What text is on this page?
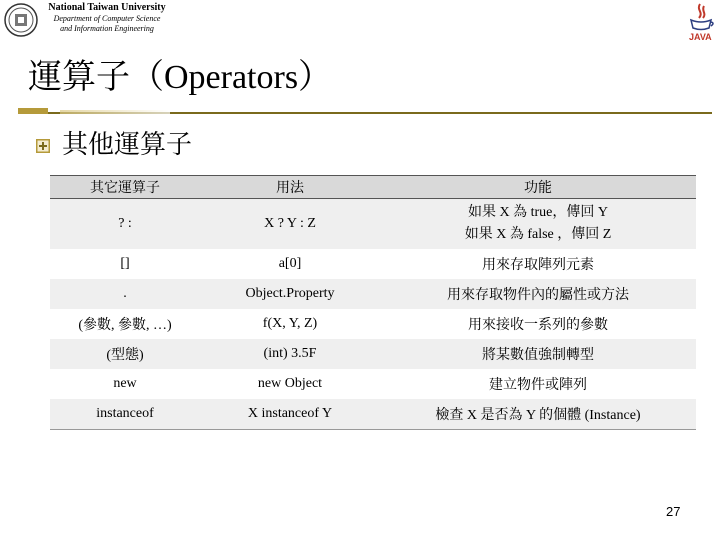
National Taiwan University
Department of Computer Science
and Information Engineering
JAVA
運算子（Operators）
其他運算子
其它運算子	用法	功能
? :	X ? Y : Z	如果 X 為 true，傳回 Y
如果 X 為 false ，傳回 Z

[]	a[0]	用來存取陣列元素
.	Object.Property	用來存取物件內的屬性或方法
(參數, 參數, …)	f(X, Y, Z)	用來接收一系列的參數
(型態)	(int) 3.5F	將某數值強制轉型
new	new Object	建立物件或陣列
instanceof	X instanceof Y	檢查 X 是否為 Y 的個體 (Instance)
27
